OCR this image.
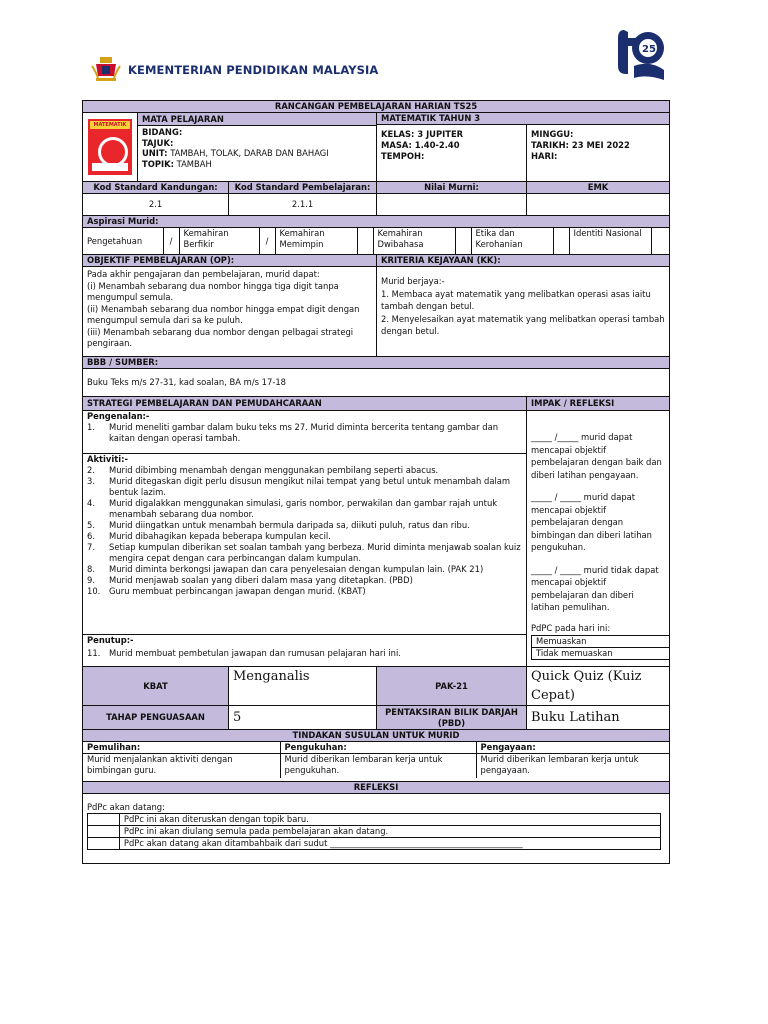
KEMENTERIAN PENDIDIKAN MALAYSIA
25
RANCANGAN PEMBELAJARAN HARIAN TS25

MATEMATIK
MATA PELAJARAN
BIDANG:
TAJUK:
UNIT: TAMBAH, TOLAK, DARAB DAN BAHAGI
TOPIK: TAMBAH
	MATEMATIK TAHUN 3

KELAS: 3 JUPITER
MASA: 1.40-2.40
TEMPOH:

MINGGU:
TARIKH: 23 MEI 2022
HARI:

Kod Standard Kandungan:	Kod Standard Pembelajaran:	Nilai Murni:	EMK
2.1	2.1.1		
Aspirasi Murid:

Pengetahuan	/	Kemahiran Berfikir	/	Kemahiran Memimpin		Kemahiran Dwibahasa		Etika dan Kerohanian		Identiti Nasional	

OBJEKTIF PEMBELAJARAN (OP):	KRITERIA KEJAYAAN (KK):

Pada akhir pengajaran dan pembelajaran, murid dapat:
(i) Menambah sebarang dua nombor hingga tiga digit tanpa mengumpul semula.
(ii) Menambah sebarang dua nombor hingga empat digit dengan mengumpul semula dari sa ke puluh.
(iii) Menambah sebarang dua nombor dengan pelbagai strategi pengiraan.

Murid berjaya:-
1. Membaca ayat matematik yang melibatkan operasi asas iaitu tambah dengan betul.
2. Menyelesaikan ayat matematik yang melibatkan operasi tambah dengan betul.

BBB / SUMBER:
Buku Teks m/s 27-31, kad soalan, BA m/s 17-18
STRATEGI PEMBELAJARAN DAN PEMUDAHCARAAN	IMPAK / REFLEKSI

Pengenalan:-
1.	Murid meneliti gambar dalam buku teks ms 27. Murid diminta bercerita tentang gambar dan kaitan dengan operasi tambah.
Aktiviti:-
2.	Murid dibimbing menambah dengan menggunakan pembilang seperti abacus.
3.	Murid ditegaskan digit perlu disusun mengikut nilai tempat yang betul untuk menambah dalam bentuk lazim.
4.	Murid digalakkan menggunakan simulasi, garis nombor, perwakilan dan gambar rajah untuk menambah sebarang dua nombor.
5.	Murid diingatkan untuk menambah bermula daripada sa, diikuti puluh, ratus dan ribu.
6.	Murid dibahagikan kepada beberapa kumpulan kecil.
7.	Setiap kumpulan diberikan set soalan tambah yang berbeza. Murid diminta menjawab soalan kuiz mengira cepat dengan cara perbincangan dalam kumpulan.
8.	Murid diminta berkongsi jawapan dan cara penyelesaian dengan kumpulan lain. (PAK 21)
9.	Murid menjawab soalan yang diberi dalam masa yang ditetapkan. (PBD)
10.	Guru membuat perbincangan jawapan dengan murid. (KBAT)
Penutup:-
11.	Murid membuat pembetulan jawapan dan rumusan pelajaran hari ini.

_____ /_____ murid dapat mencapai objektif pembelajaran dengan baik dan diberi latihan pengayaan.
_____ / _____ murid dapat mencapai objektif pembelajaran dengan bimbingan dan diberi latihan pengukuhan.
_____ / _____ murid tidak dapat mencapai objektif pembelajaran dan diberi latihan pemulihan.
PdPC pada hari ini:
Memuaskan	
Tidak memuaskan	

KBAT	Menganalis	PAK-21	Quick Quiz (Kuiz Cepat)
TAHAP PENGUASAAN	5	PENTAKSIRAN BILIK DARJAH (PBD)	Buku Latihan
TINDAKAN SUSULAN UNTUK MURID

Pemulihan:	Pengukuhan:	Pengayaan:
Murid menjalankan aktiviti dengan bimbingan guru.	Murid diberikan lembaran kerja untuk pengukuhan.	Murid diberikan lembaran kerja untuk pengayaan.

REFLEKSI

PdPc akan datang:
	PdPc ini akan diteruskan dengan topik baru.
	PdPc ini akan diulang semula pada pembelajaran akan datang.
	PdPc akan datang akan ditambahbaik dari sudut ______________________________________________
